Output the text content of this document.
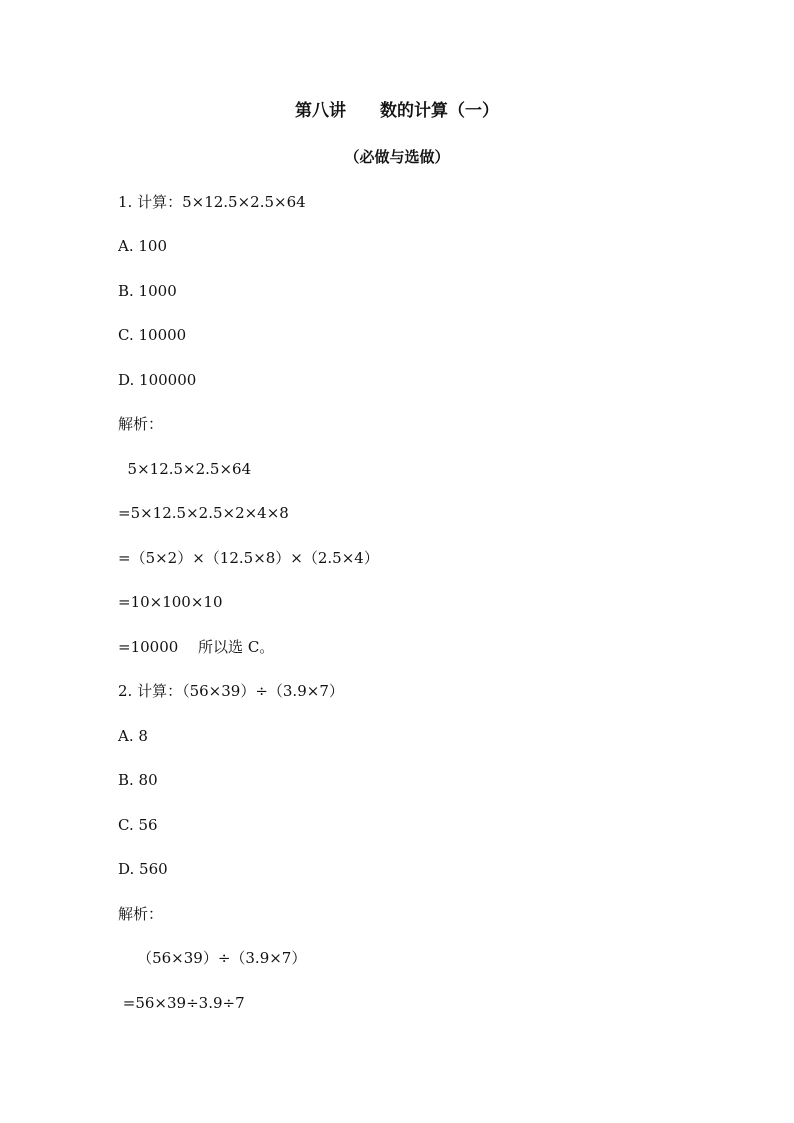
第八讲　　数的计算（一）
（必做与选做）
1. 计算：5×12.5×2.5×64
A. 100
B. 1000
C. 10000
D. 100000
解析：
5×12.5×2.5×64
=5×12.5×2.5×2×4×8
=（5×2）×（12.5×8）×（2.5×4）
=10×100×10
=10000　 所以选 C。
2. 计算：（56×39）÷（3.9×7）
A. 8
B. 80
C. 56
D. 560
解析：
（56×39）÷（3.9×7）
=56×39÷3.9÷7
